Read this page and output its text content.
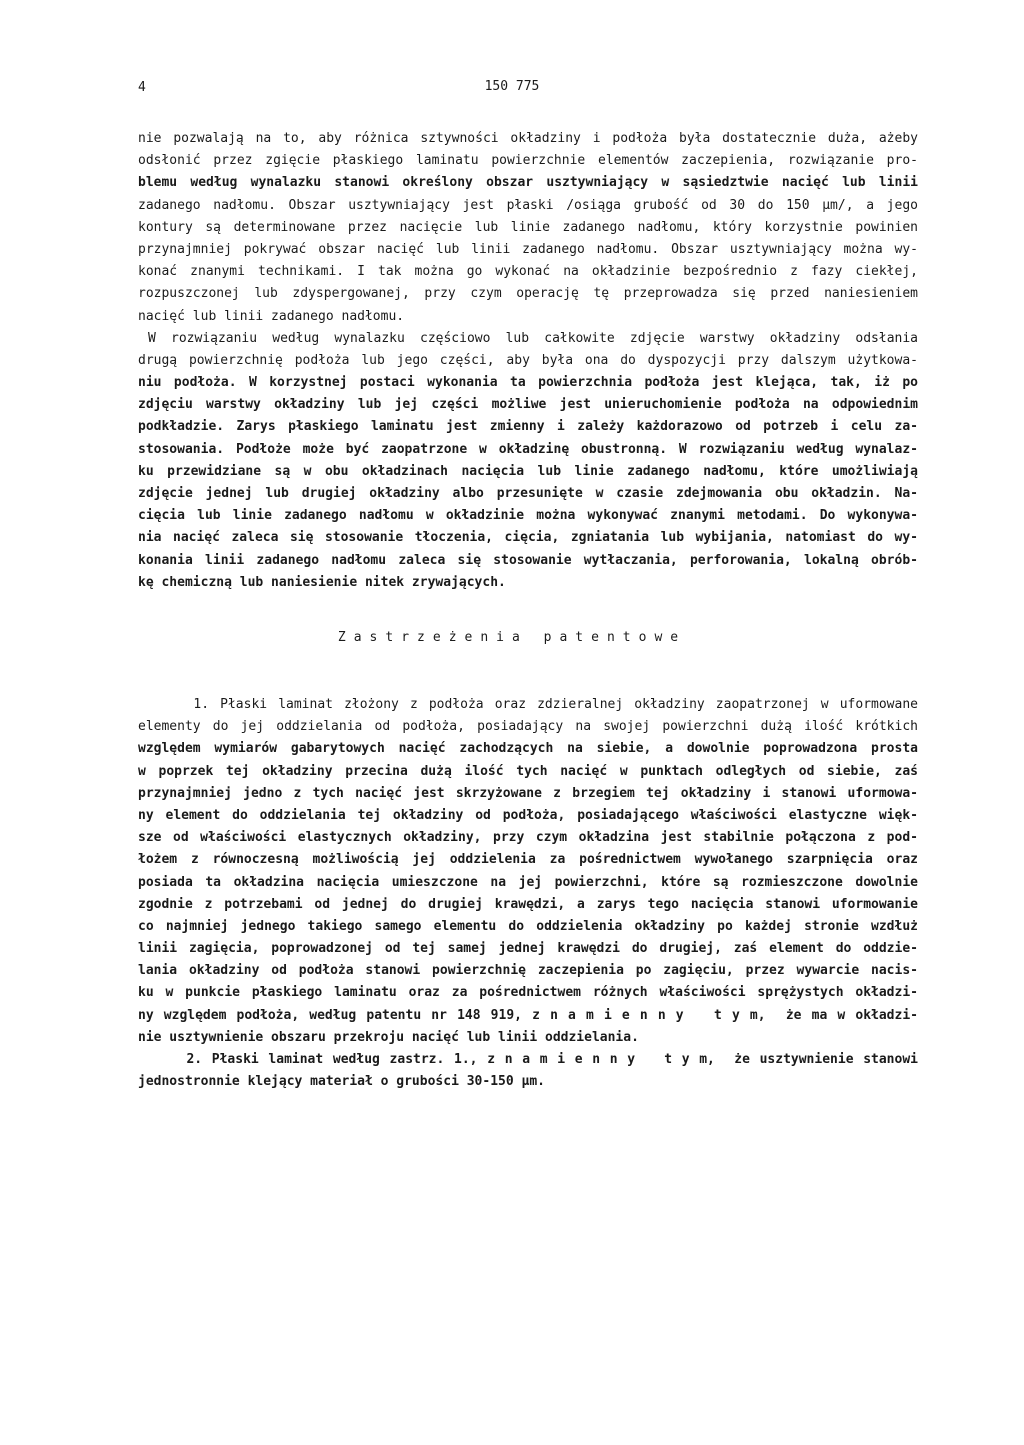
4	150 775
nie pozwalają na to, aby różnica sztywności okładziny i podłoża była dostatecznie duża, ażeby
odsłonić przez zgięcie płaskiego laminatu powierzchnie elementów zaczepienia, rozwiązanie pro-
blemu według wynalazku stanowi określony obszar usztywniający w sąsiedztwie nacięć lub linii
zadanego nadłomu. Obszar usztywniający jest płaski /osiąga grubość od 30 do 150 µm/, a jego
kontury są determinowane przez nacięcie lub linie zadanego nadłomu, który korzystnie powinien
przynajmniej pokrywać obszar nacięć lub linii zadanego nadłomu. Obszar usztywniający można wy-
konać znanymi technikami. I tak można go wykonać na okładzinie bezpośrednio z fazy ciekłej,
rozpuszczonej lub zdyspergowanej, przy czym operację tę przeprowadza się przed naniesieniem
nacięć lub linii zadanego nadłomu.
W rozwiązaniu według wynalazku częściowo lub całkowite zdjęcie warstwy okładziny odsłania
drugą powierzchnię podłoża lub jego części, aby była ona do dyspozycji przy dalszym użytkowa-
niu podłoża. W korzystnej postaci wykonania ta powierzchnia podłoża jest klejąca, tak, iż po
zdjęciu warstwy okładziny lub jej części możliwe jest unieruchomienie podłoża na odpowiednim
podkładzie. Zarys płaskiego laminatu jest zmienny i zależy każdorazowo od potrzeb i celu za-
stosowania. Podłoże może być zaopatrzone w okładzinę obustronną. W rozwiązaniu według wynalaz-
ku przewidziane są w obu okładzinach nacięcia lub linie zadanego nadłomu, które umożliwiają
zdjęcie jednej lub drugiej okładziny albo przesunięte w czasie zdejmowania obu okładzin. Na-
cięcia lub linie zadanego nadłomu w okładzinie można wykonywać znanymi metodami. Do wykonywa-
nia nacięć zaleca się stosowanie tłoczenia, cięcia, zgniatania lub wybijania, natomiast do wy-
konania linii zadanego nadłomu zaleca się stosowanie wytłaczania, perforowania, lokalną obrób-
kę chemiczną lub naniesienie nitek zrywających.
Zastrzeżenia patentowe
1. Płaski laminat złożony z podłoża oraz zdzieralnej okładziny zaopatrzonej w uformowane
elementy do jej oddzielania od podłoża, posiadający na swojej powierzchni dużą ilość krótkich
względem wymiarów gabarytowych nacięć zachodzących na siebie, a dowolnie poprowadzona prosta
w poprzek tej okładziny przecina dużą ilość tych nacięć w punktach odległych od siebie, zaś
przynajmniej jedno z tych nacięć jest skrzyżowane z brzegiem tej okładziny i stanowi uformowa-
ny element do oddzielania tej okładziny od podłoża, posiadającego właściwości elastyczne więk-
sze od właściwości elastycznych okładziny, przy czym okładzina jest stabilnie połączona z pod-
łożem z równoczesną możliwością jej oddzielenia za pośrednictwem wywołanego szarpnięcia oraz
posiada ta okładzina nacięcia umieszczone na jej powierzchni, które są rozmieszczone dowolnie
zgodnie z potrzebami od jednej do drugiej krawędzi, a zarys tego nacięcia stanowi uformowanie
co najmniej jednego takiego samego elementu do oddzielenia okładziny po każdej stronie wzdłuż
linii zagięcia, poprowadzonej od tej samej jednej krawędzi do drugiej, zaś element do oddzie-
lania okładziny od podłoża stanowi powierzchnię zaczepienia po zagięciu, przez wywarcie nacis-
ku w punkcie płaskiego laminatu oraz za pośrednictwem różnych właściwości sprężystych okładzi-
ny względem podłoża, według patentu nr 148 919, z n a m i e n n y   t y m,  że ma w okładzi-
nie usztywnienie obszaru przekroju nacięć lub linii oddzielania.
2. Płaski laminat według zastrz. 1., z n a m i e n n y   t y m,  że usztywnienie stanowi
jednostronnie klejący materiał o grubości 30-150 µm.
